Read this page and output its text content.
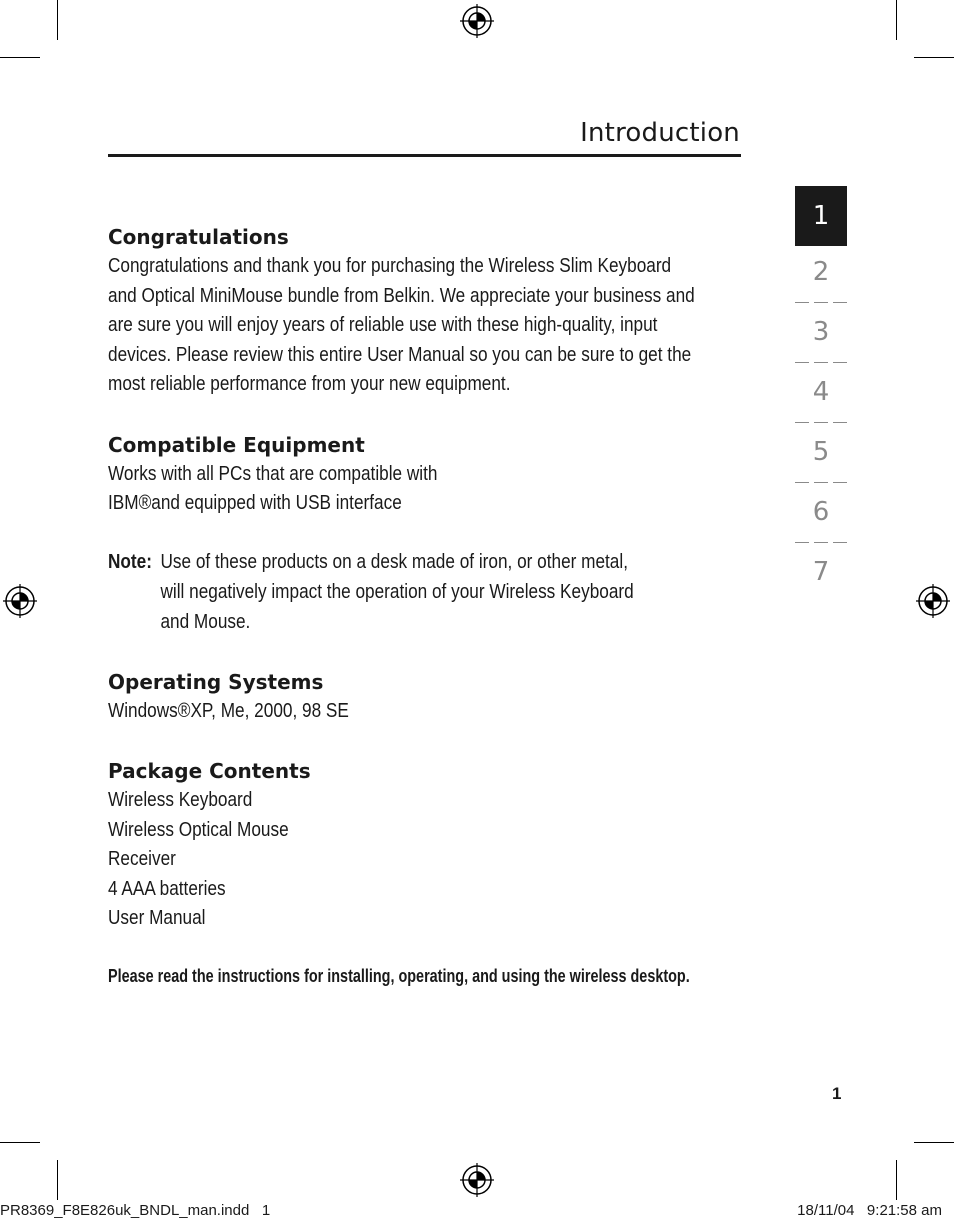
Introduction
Congratulations
Congratulations and thank you for purchasing the Wireless Slim Keyboard
and Optical MiniMouse bundle from Belkin. We appreciate your business and
are sure you will enjoy years of reliable use with these high-quality, input
devices. Please review this entire User Manual so you can be sure to get the
most reliable performance from your new equipment.
Compatible Equipment
Works with all PCs that are compatible with
IBM®and equipped with USB interface
Note: Use of these products on a desk made of iron, or other metal,
will negatively impact the operation of your Wireless Keyboard
and Mouse.
Operating Systems
Windows®XP, Me, 2000, 98 SE
Package Contents
Wireless Keyboard
Wireless Optical Mouse
Receiver
4 AAA batteries
User Manual
Please read the instructions for installing, operating, and using the wireless desktop.
1
2
3
4
5
6
7
1
PR8369_F8E826uk_BNDL_man.indd   1	18/11/04   9:21:58 am
